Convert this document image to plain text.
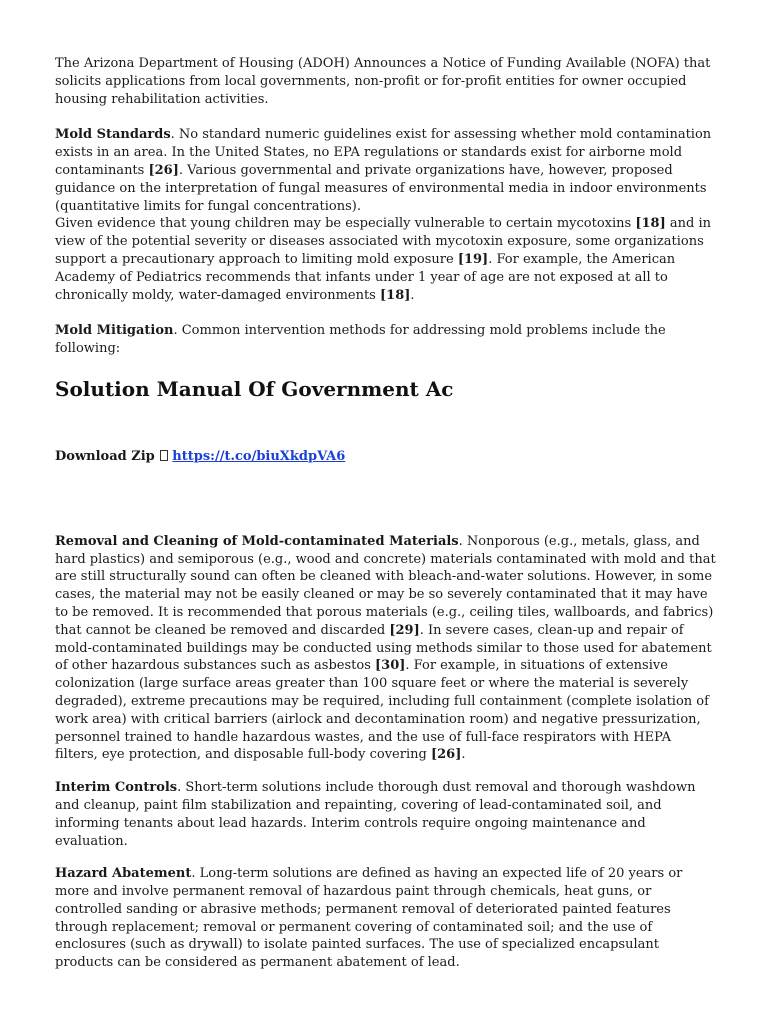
The Arizona Department of Housing (ADOH) Announces a Notice of Funding Available (NOFA) that solicits applications from local governments, non-profit or for-profit entities for owner occupied housing rehabilitation activities.

Mold Standards. No standard numeric guidelines exist for assessing whether mold contamination exists in an area. In the United States, no EPA regulations or standards exist for airborne mold contaminants [26]. Various governmental and private organizations have, however, proposed guidance on the interpretation of fungal measures of environmental media in indoor environments (quantitative limits for fungal concentrations).

Given evidence that young children may be especially vulnerable to certain mycotoxins [18] and in view of the potential severity or diseases associated with mycotoxin exposure, some organizations support a precautionary approach to limiting mold exposure [19]. For example, the American Academy of Pediatrics recommends that infants under 1 year of age are not exposed at all to chronically moldy, water-damaged environments [18].

Mold Mitigation. Common intervention methods for addressing mold problems include the following:

Solution Manual Of Government Ac
Download Zip https://t.co/biuXkdpVA6

Removal and Cleaning of Mold-contaminated Materials. Nonporous (e.g., metals, glass, and hard plastics) and semiporous (e.g., wood and concrete) materials contaminated with mold and that are still structurally sound can often be cleaned with bleach-and-water solutions. However, in some cases, the material may not be easily cleaned or may be so severely contaminated that it may have to be removed. It is recommended that porous materials (e.g., ceiling tiles, wallboards, and fabrics) that cannot be cleaned be removed and discarded [29]. In severe cases, clean-up and repair of mold-contaminated buildings may be conducted using methods similar to those used for abatement of other hazardous substances such as asbestos [30]. For example, in situations of extensive colonization (large surface areas greater than 100 square feet or where the material is severely degraded), extreme precautions may be required, including full containment (complete isolation of work area) with critical barriers (airlock and decontamination room) and negative pressurization, personnel trained to handle hazardous wastes, and the use of full-face respirators with HEPA filters, eye protection, and disposable full-body covering [26].

Interim Controls. Short-term solutions include thorough dust removal and thorough washdown and cleanup, paint film stabilization and repainting, covering of lead-contaminated soil, and informing tenants about lead hazards. Interim controls require ongoing maintenance and evaluation.

Hazard Abatement. Long-term solutions are defined as having an expected life of 20 years or more and involve permanent removal of hazardous paint through chemicals, heat guns, or controlled sanding or abrasive methods; permanent removal of deteriorated painted features through replacement; removal or permanent covering of contaminated soil; and the use of enclosures (such as drywall) to isolate painted surfaces. The use of specialized encapsulant products can be considered as permanent abatement of lead.
